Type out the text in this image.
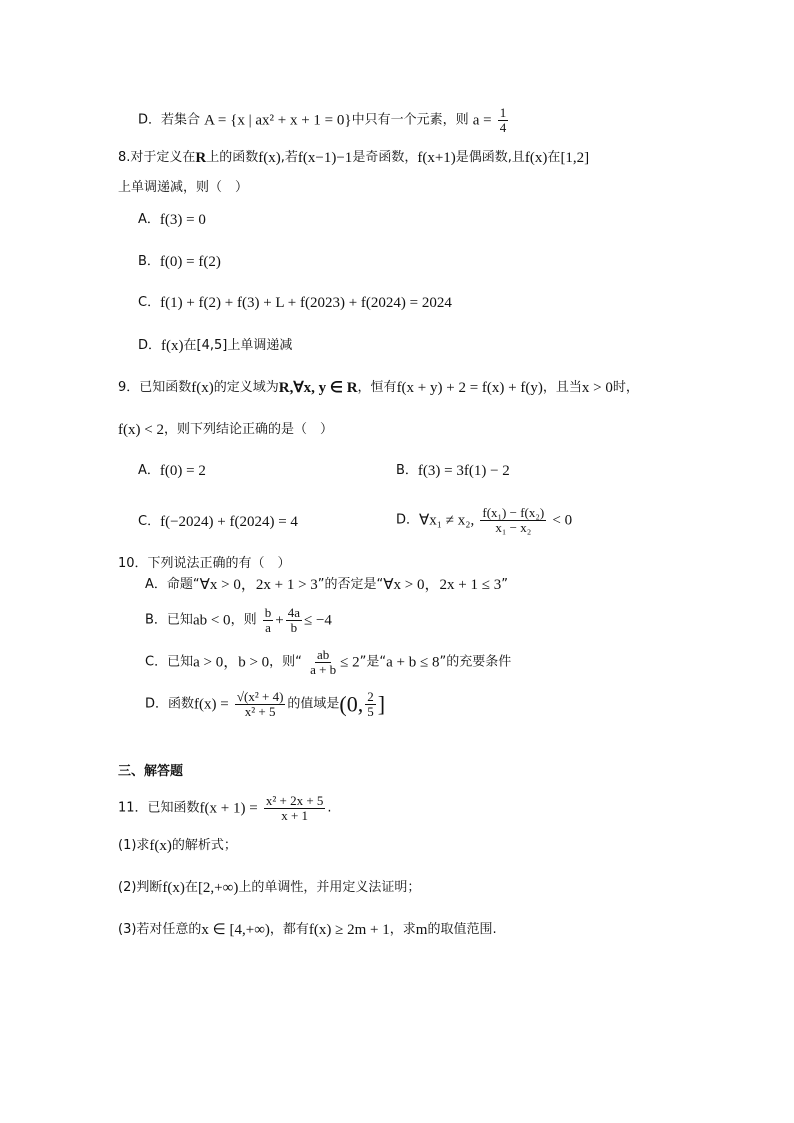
D．若集合 A = {x | ax² + x + 1 = 0}中只有一个元素，则 $a = \frac{1}{4}$
8.对于定义在R上的函数f(x),若f(x−1)−1是奇函数，f(x+1)是偶函数,且f(x)在[1,2]
上单调递减，则（　）
A．f(3) = 0
B．f(0) = f(2)
C．f(1) + f(2) + f(3) + L + f(2023) + f(2024) = 2024
D．f(x)在[4,5]上单调递减
9．已知函数f(x)的定义域为R,∀x, y ∈ R，恒有f(x + y) + 2 = f(x) + f(y)，且当x > 0时，
f(x) < 2，则下列结论正确的是（　）
A．f(0) = 2	B．f(3) = 3f(1) − 2
C．f(−2024) + f(2024) = 4	D．∀x₁ ≠ x₂, $\frac{\text{f(x₁) − f(x₂)}}{\text{x₁ − x₂}} < 0$
10．下列说法正确的有（　）
A．命题“∀x > 0，2x + 1 > 3”的否定是“∀x > 0，2x + 1 ≤ 3”
B．已知ab < 0，则 $\frac{b}{a} + \frac{4a}{b} \le -4$
C．已知a > 0，b > 0，则“ $\frac{ab}{a + b} \le 2$”是“a + b ≤ 8”的充要条件
D．函数$f(x) = \frac{\text{√(x² + 4)}}{\text{x² + 5}}$ 的值域是(0, $\frac{2}{5}$ ]
三、解答题
11．已知函数$f(x + 1) = \frac{\text{x² + 2x + 5}}{x + 1}$ .
(1)求f(x)的解析式；
(2)判断f(x)在[2,+∞)上的单调性，并用定义法证明；
(3)若对任意的x ∈ [4,+∞)，都有f(x) ≥ 2m + 1，求m的取值范围.
